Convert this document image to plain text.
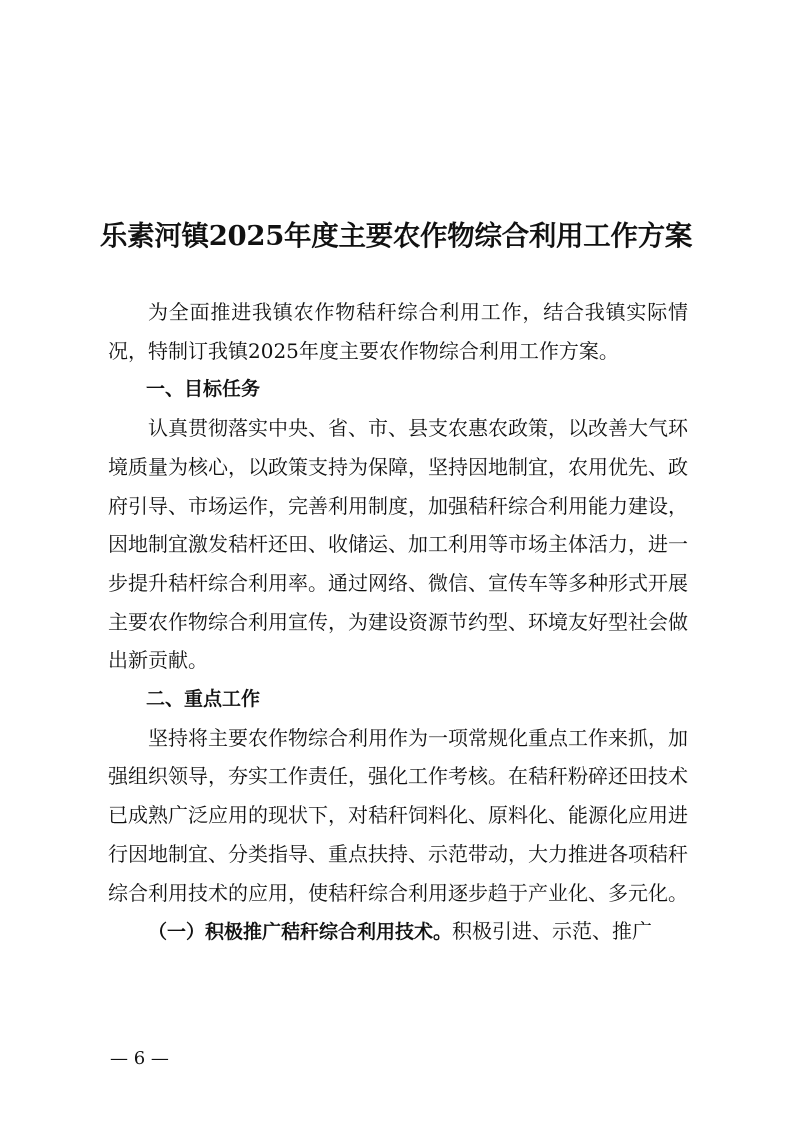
乐素河镇2025年度主要农作物综合利用工作方案

为全面推进我镇农作物秸秆综合利用工作，结合我镇实际情况，特制订我镇2025年度主要农作物综合利用工作方案。

一、目标任务

认真贯彻落实中央、省、市、县支农惠农政策，以改善大气环境质量为核心，以政策支持为保障，坚持因地制宜，农用优先、政府引导、市场运作，完善利用制度，加强秸秆综合利用能力建设，因地制宜激发秸杆还田、收储运、加工利用等市场主体活力，进一步提升秸杆综合利用率。通过网络、微信、宣传车等多种形式开展主要农作物综合利用宣传，为建设资源节约型、环境友好型社会做出新贡献。

二、重点工作

坚持将主要农作物综合利用作为一项常规化重点工作来抓，加强组织领导，夯实工作责任，强化工作考核。在秸秆粉碎还田技术已成熟广泛应用的现状下，对秸秆饲料化、原料化、能源化应用进行因地制宜、分类指导、重点扶持、示范带动，大力推进各项秸秆综合利用技术的应用，使秸秆综合利用逐步趋于产业化、多元化。

（一）积极推广秸秆综合利用技术。积极引进、示范、推广

— 6 —
